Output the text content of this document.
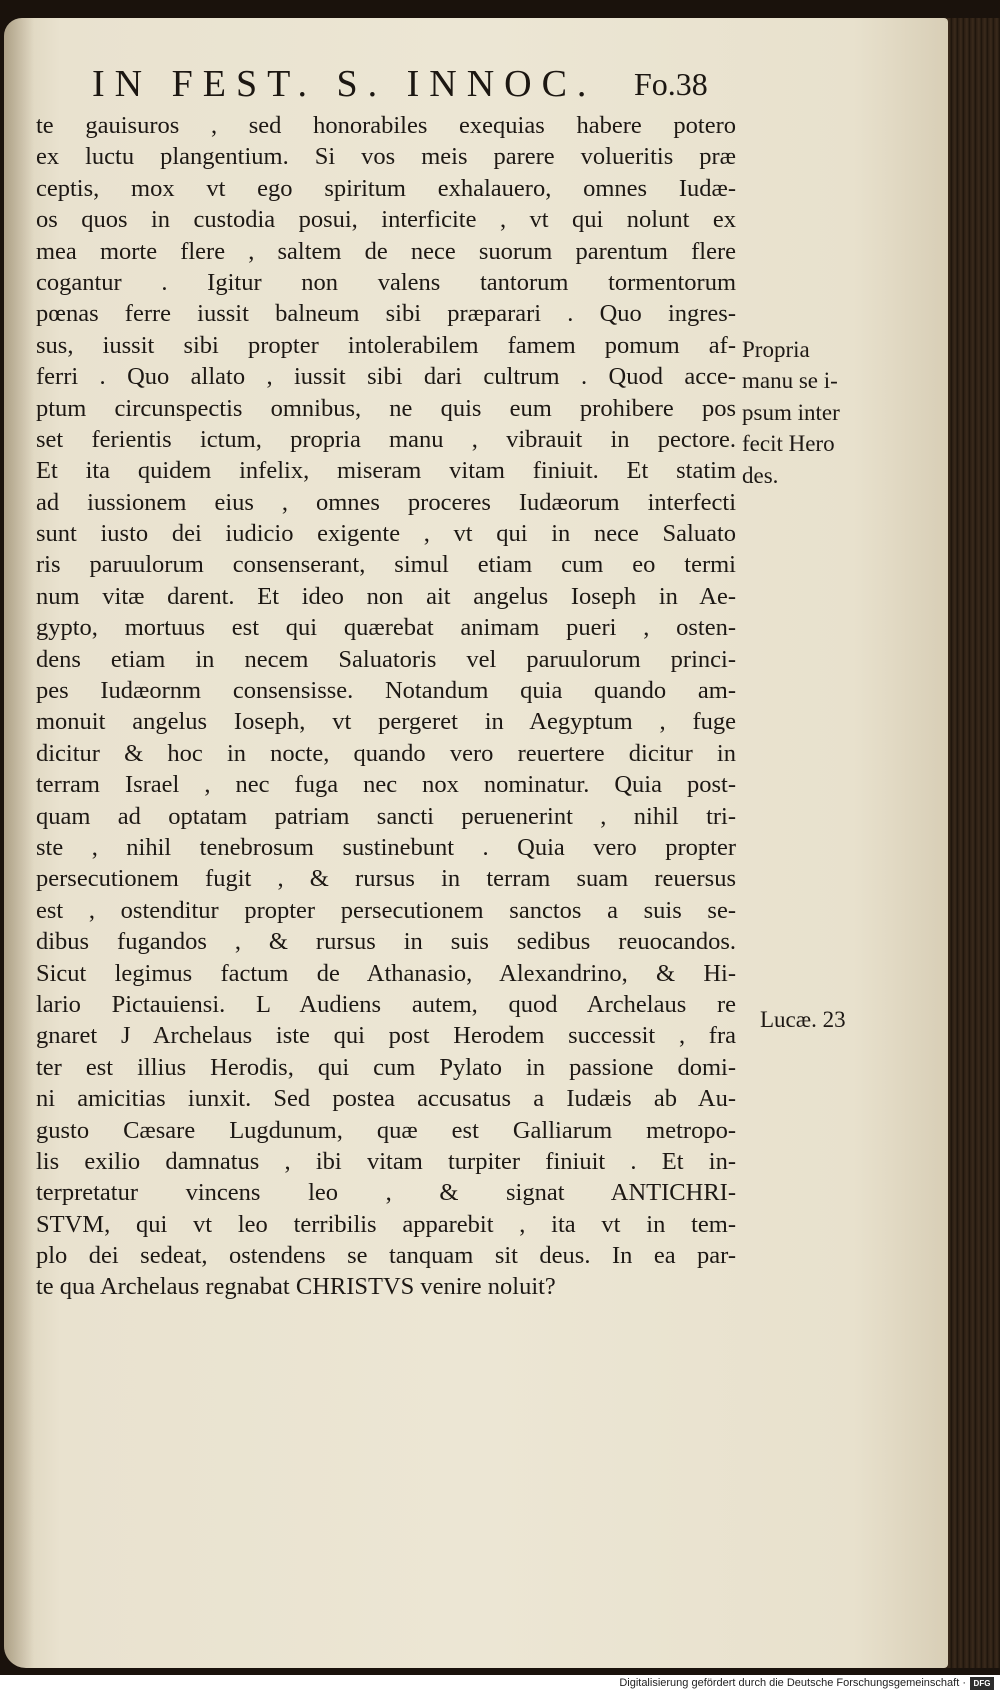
IN FEST. S. INNOC.	Fo.38
te gauisuros , sed honorabiles exequias habere potero
ex luctu plangentium. Si vos meis parere volueritis præ
ceptis, mox vt ego spiritum exhalauero, omnes Iudæ-
os quos in custodia posui, interficite , vt qui nolunt ex
mea morte flere , saltem de nece suorum parentum flere
cogantur . Igitur non valens tantorum tormentorum
pœnas ferre iussit balneum sibi præparari . Quo ingres-
sus, iussit sibi propter intolerabilem famem pomum af-
ferri . Quo allato , iussit sibi dari cultrum . Quod acce-
ptum circunspectis omnibus, ne quis eum prohibere pos
set ferientis ictum, propria manu , vibrauit in pectore.
Et ita quidem infelix, miseram vitam finiuit. Et statim
ad iussionem eius , omnes proceres Iudæorum interfecti
sunt iusto dei iudicio exigente , vt qui in nece Saluato
ris paruulorum consenserant, simul etiam cum eo termi
num vitæ darent. Et ideo non ait angelus Ioseph in Ae-
gypto, mortuus est qui quærebat animam pueri , osten-
dens etiam in necem Saluatoris vel paruulorum princi-
pes Iudæornm consensisse. Notandum quia quando am-
monuit angelus Ioseph, vt pergeret in Aegyptum , fuge
dicitur & hoc in nocte, quando vero reuertere dicitur in
terram Israel , nec fuga nec nox nominatur. Quia post-
quam ad optatam patriam sancti peruenerint , nihil tri-
ste , nihil tenebrosum sustinebunt . Quia vero propter
persecutionem fugit , & rursus in terram suam reuersus
est , ostenditur propter persecutionem sanctos a suis se-
dibus fugandos , & rursus in suis sedibus reuocandos.
Sicut legimus factum de Athanasio, Alexandrino, & Hi-
lario Pictauiensi. L Audiens autem, quod Archelaus re
gnaret J Archelaus iste qui post Herodem successit , fra
ter est illius Herodis, qui cum Pylato in passione domi-
ni amicitias iunxit. Sed postea accusatus a Iudæis ab Au-
gusto Cæsare Lugdunum, quæ est Galliarum metropo-
lis exilio damnatus , ibi vitam turpiter finiuit . Et in-
terpretatur vincens leo , & signat ANTICHRI-
STVM, qui vt leo terribilis apparebit , ita vt in tem-
plo dei sedeat, ostendens se tanquam sit deus. In ea par-
te qua Archelaus regnabat CHRISTVS venire noluit?
Propria
manu se i-
psum inter
fecit Hero
des.
Lucæ. 23
Digitalisierung gefördert durch die Deutsche Forschungsgemeinschaft · DFG
